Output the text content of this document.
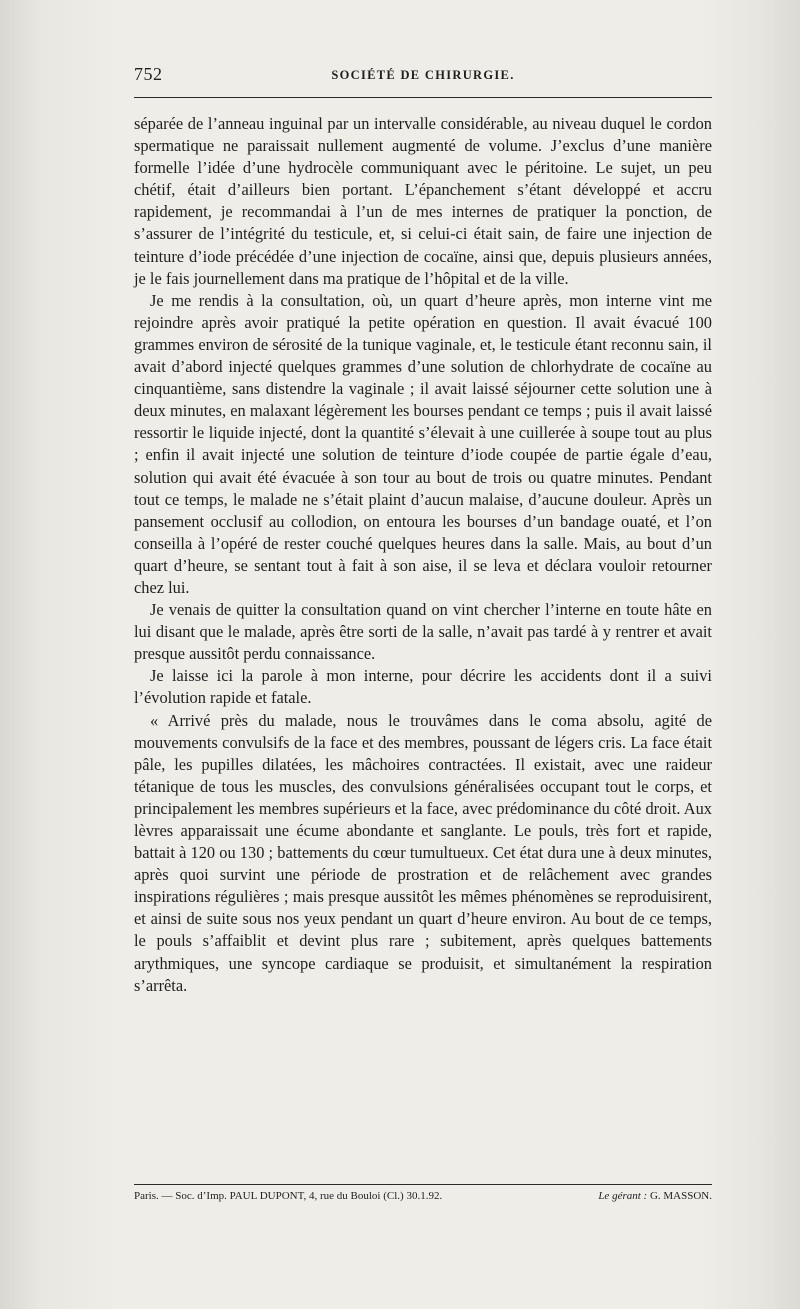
752	SOCIÉTÉ DE CHIRURGIE.

séparée de l’anneau inguinal par un intervalle considérable, au niveau duquel le cordon spermatique ne paraissait nullement augmenté de volume. J’exclus d’une manière formelle l’idée d’une hydrocèle communiquant avec le péritoine. Le sujet, un peu chétif, était d’ailleurs bien portant. L’épanchement s’étant développé et accru rapidement, je recommandai à l’un de mes internes de pratiquer la ponction, de s’assurer de l’intégrité du testicule, et, si celui-ci était sain, de faire une injection de teinture d’iode précédée d’une injection de cocaïne, ainsi que, depuis plusieurs années, je le fais journellement dans ma pratique de l’hôpital et de la ville.

Je me rendis à la consultation, où, un quart d’heure après, mon interne vint me rejoindre après avoir pratiqué la petite opération en question. Il avait évacué 100 grammes environ de sérosité de la tunique vaginale, et, le testicule étant reconnu sain, il avait d’abord injecté quelques grammes d’une solution de chlorhydrate de cocaïne au cinquantième, sans distendre la vaginale ; il avait laissé séjourner cette solution une à deux minutes, en malaxant légèrement les bourses pendant ce temps ; puis il avait laissé ressortir le liquide injecté, dont la quantité s’élevait à une cuillerée à soupe tout au plus ; enfin il avait injecté une solution de teinture d’iode coupée de partie égale d’eau, solution qui avait été évacuée à son tour au bout de trois ou quatre minutes. Pendant tout ce temps, le malade ne s’était plaint d’aucun malaise, d’aucune douleur. Après un pansement occlusif au collodion, on entoura les bourses d’un bandage ouaté, et l’on conseilla à l’opéré de rester couché quelques heures dans la salle. Mais, au bout d’un quart d’heure, se sentant tout à fait à son aise, il se leva et déclara vouloir retourner chez lui.

Je venais de quitter la consultation quand on vint chercher l’interne en toute hâte en lui disant que le malade, après être sorti de la salle, n’avait pas tardé à y rentrer et avait presque aussitôt perdu connaissance.

Je laisse ici la parole à mon interne, pour décrire les accidents dont il a suivi l’évolution rapide et fatale.

« Arrivé près du malade, nous le trouvâmes dans le coma absolu, agité de mouvements convulsifs de la face et des membres, poussant de légers cris. La face était pâle, les pupilles dilatées, les mâchoires contractées. Il existait, avec une raideur tétanique de tous les muscles, des convulsions généralisées occupant tout le corps, et principalement les membres supérieurs et la face, avec prédominance du côté droit. Aux lèvres apparaissait une écume abondante et sanglante. Le pouls, très fort et rapide, battait à 120 ou 130 ; battements du cœur tumultueux. Cet état dura une à deux minutes, après quoi survint une période de prostration et de relâchement avec grandes inspirations régulières ; mais presque aussitôt les mêmes phénomènes se reproduisirent, et ainsi de suite sous nos yeux pendant un quart d’heure environ. Au bout de ce temps, le pouls s’affaiblit et devint plus rare ; subitement, après quelques battements arythmiques, une syncope cardiaque se produisit, et simultanément la respiration s’arrêta.

Paris. — Soc. d’Imp. PAUL DUPONT, 4, rue du Bouloi (Cl.) 30.1.92.	Le gérant : G. MASSON.
